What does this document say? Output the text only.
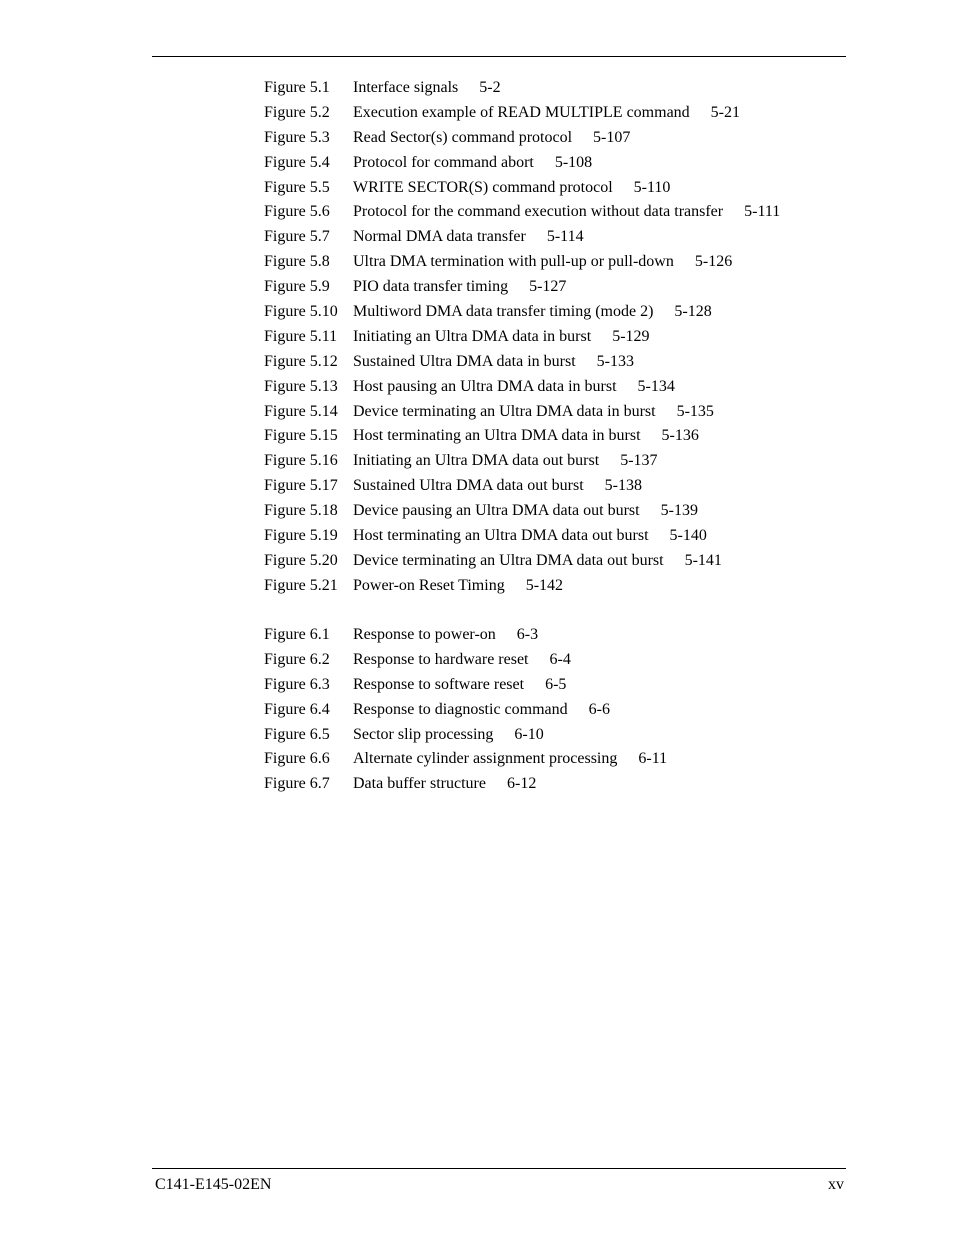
Figure 5.1 Interface signals 5-2
Figure 5.2 Execution example of READ MULTIPLE command 5-21
Figure 5.3 Read Sector(s) command protocol 5-107
Figure 5.4 Protocol for command abort 5-108
Figure 5.5 WRITE SECTOR(S) command protocol 5-110
Figure 5.6 Protocol for the command execution without data transfer 5-111
Figure 5.7 Normal DMA data transfer 5-114
Figure 5.8 Ultra DMA termination with pull-up or pull-down 5-126
Figure 5.9 PIO data transfer timing 5-127
Figure 5.10 Multiword DMA data transfer timing (mode 2) 5-128
Figure 5.11 Initiating an Ultra DMA data in burst 5-129
Figure 5.12 Sustained Ultra DMA data in burst 5-133
Figure 5.13 Host pausing an Ultra DMA data in burst 5-134
Figure 5.14 Device terminating an Ultra DMA data in burst 5-135
Figure 5.15 Host terminating an Ultra DMA data in burst 5-136
Figure 5.16 Initiating an Ultra DMA data out burst 5-137
Figure 5.17 Sustained Ultra DMA data out burst 5-138
Figure 5.18 Device pausing an Ultra DMA data out burst 5-139
Figure 5.19 Host terminating an Ultra DMA data out burst 5-140
Figure 5.20 Device terminating an Ultra DMA data out burst 5-141
Figure 5.21 Power-on Reset Timing 5-142
Figure 6.1 Response to power-on 6-3
Figure 6.2 Response to hardware reset 6-4
Figure 6.3 Response to software reset 6-5
Figure 6.4 Response to diagnostic command 6-6
Figure 6.5 Sector slip processing 6-10
Figure 6.6 Alternate cylinder assignment processing 6-11
Figure 6.7 Data buffer structure 6-12
C141-E145-02EN	xv
